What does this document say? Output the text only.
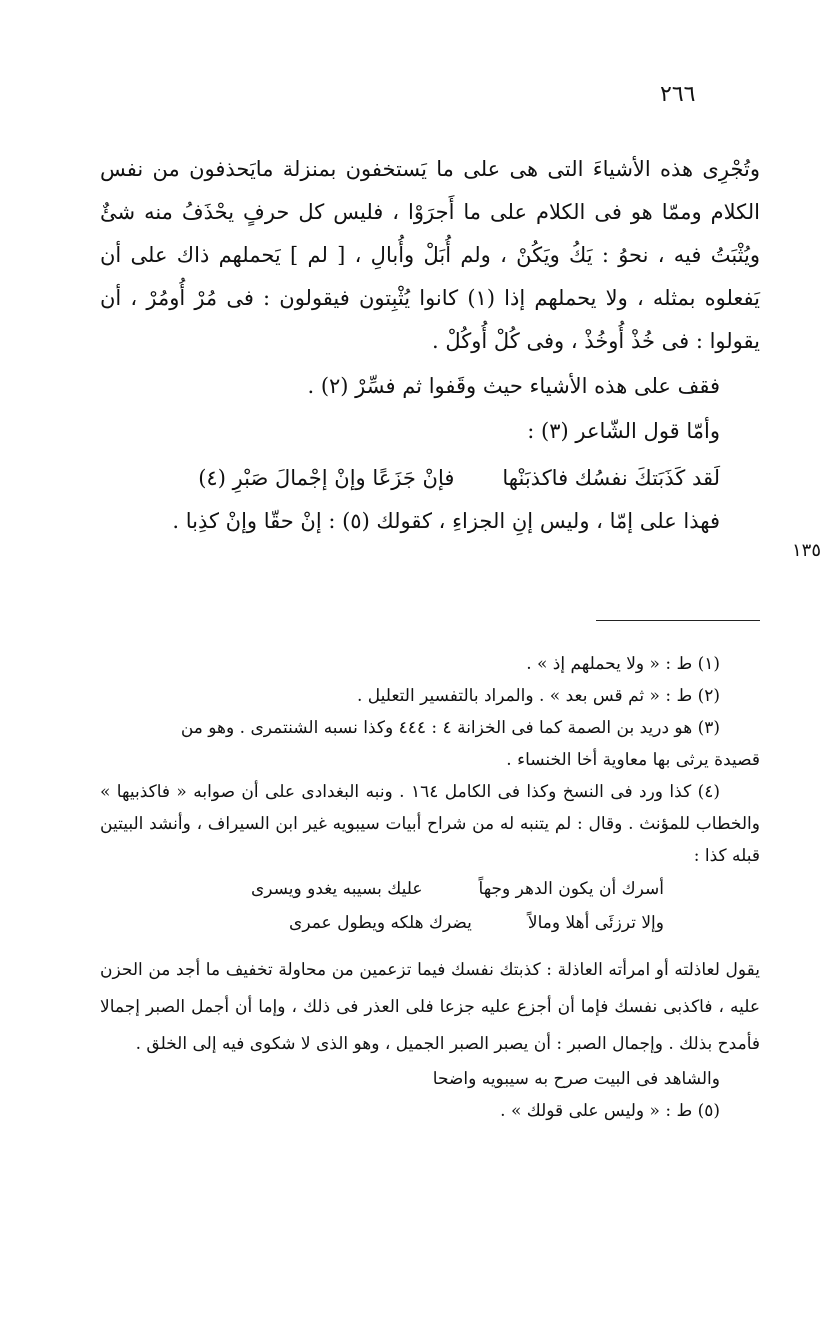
٢٦٦

وتُجْرِى هذه الأشياءَ التى هى على ما يَستخفون بمنزلة مايَحذفون من نفس الكلام وممّا هو فى الكلام على ما أَجرَوْا ، فليس كل حرفٍ يحْذَفُ منه شئٌ ويُثْبَتُ فيه ، نحوُ : يَكُ ويَكُنْ ، ولم أُبَلْ وأُبالِ ، [ لم ] يَحملهم ذاك على أن يَفعلوه بمثله ، ولا يحملهم إذا (١) كانوا يُثْبِتون فيقولون : فى مُرْ أُومُرْ ، أن يقولوا : فى خُذْ أُوخُذْ ، وفى كُلْ أُوكُلْ .

فقف على هذه الأشياء حيث وقَفوا ثم فسِّرْ (٢) .

وأمّا قول الشّاعر (٣) :

لَقد كَذَبَتكَ نفسُك فاكذبَنْها
فإنْ جَزَعًا وإنْ إجْمالَ صَبْرِ (٤)

فهذا على إمّا ، وليس إنِ الجزاءِ ، كقولك (٥) : إنْ حقّا وإنْ كذِبا .

١٣٥

(١) ط : « ولا يحملهم إذ » .

(٢) ط : « ثم قس بعد » . والمراد بالتفسير التعليل .

(٣) هو دريد بن الصمة كما فى الخزانة ٤ : ٤٤٤ وكذا نسبه الشنتمرى . وهو من

قصيدة يرثى بها معاوية أخا الخنساء .

(٤) كذا ورد فى النسخ وكذا فى الكامل ١٦٤ . ونبه البغدادى على أن صوابه « فاكذبيها » والخطاب للمؤنث . وقال : لم يتنبه له من شراح أبيات سيبويه غير ابن السيراف ، وأنشد البيتين قبله كذا :

أسرك أن يكون الدهر وجهاً
عليك بسيبه يغدو ويسرى
وإلا ترزئَى أهلا ومالاً
يضرك هلكه ويطول عمرى

يقول لعاذلته أو امرأته العاذلة : كذبتك نفسك فيما تزعمين من محاولة تخفيف ما أجد من الحزن عليه ، فاكذبى نفسك فإما أن أجزع عليه جزعا فلى العذر فى ذلك ، وإما أن أجمل الصبر إجمالا فأمدح بذلك . وإجمال الصبر : أن يصبر الصبر الجميل ، وهو الذى لا شكوى فيه إلى الخلق .

والشاهد فى البيت صرح به سيبويه واضحا

(٥) ط : « وليس على قولك » .
